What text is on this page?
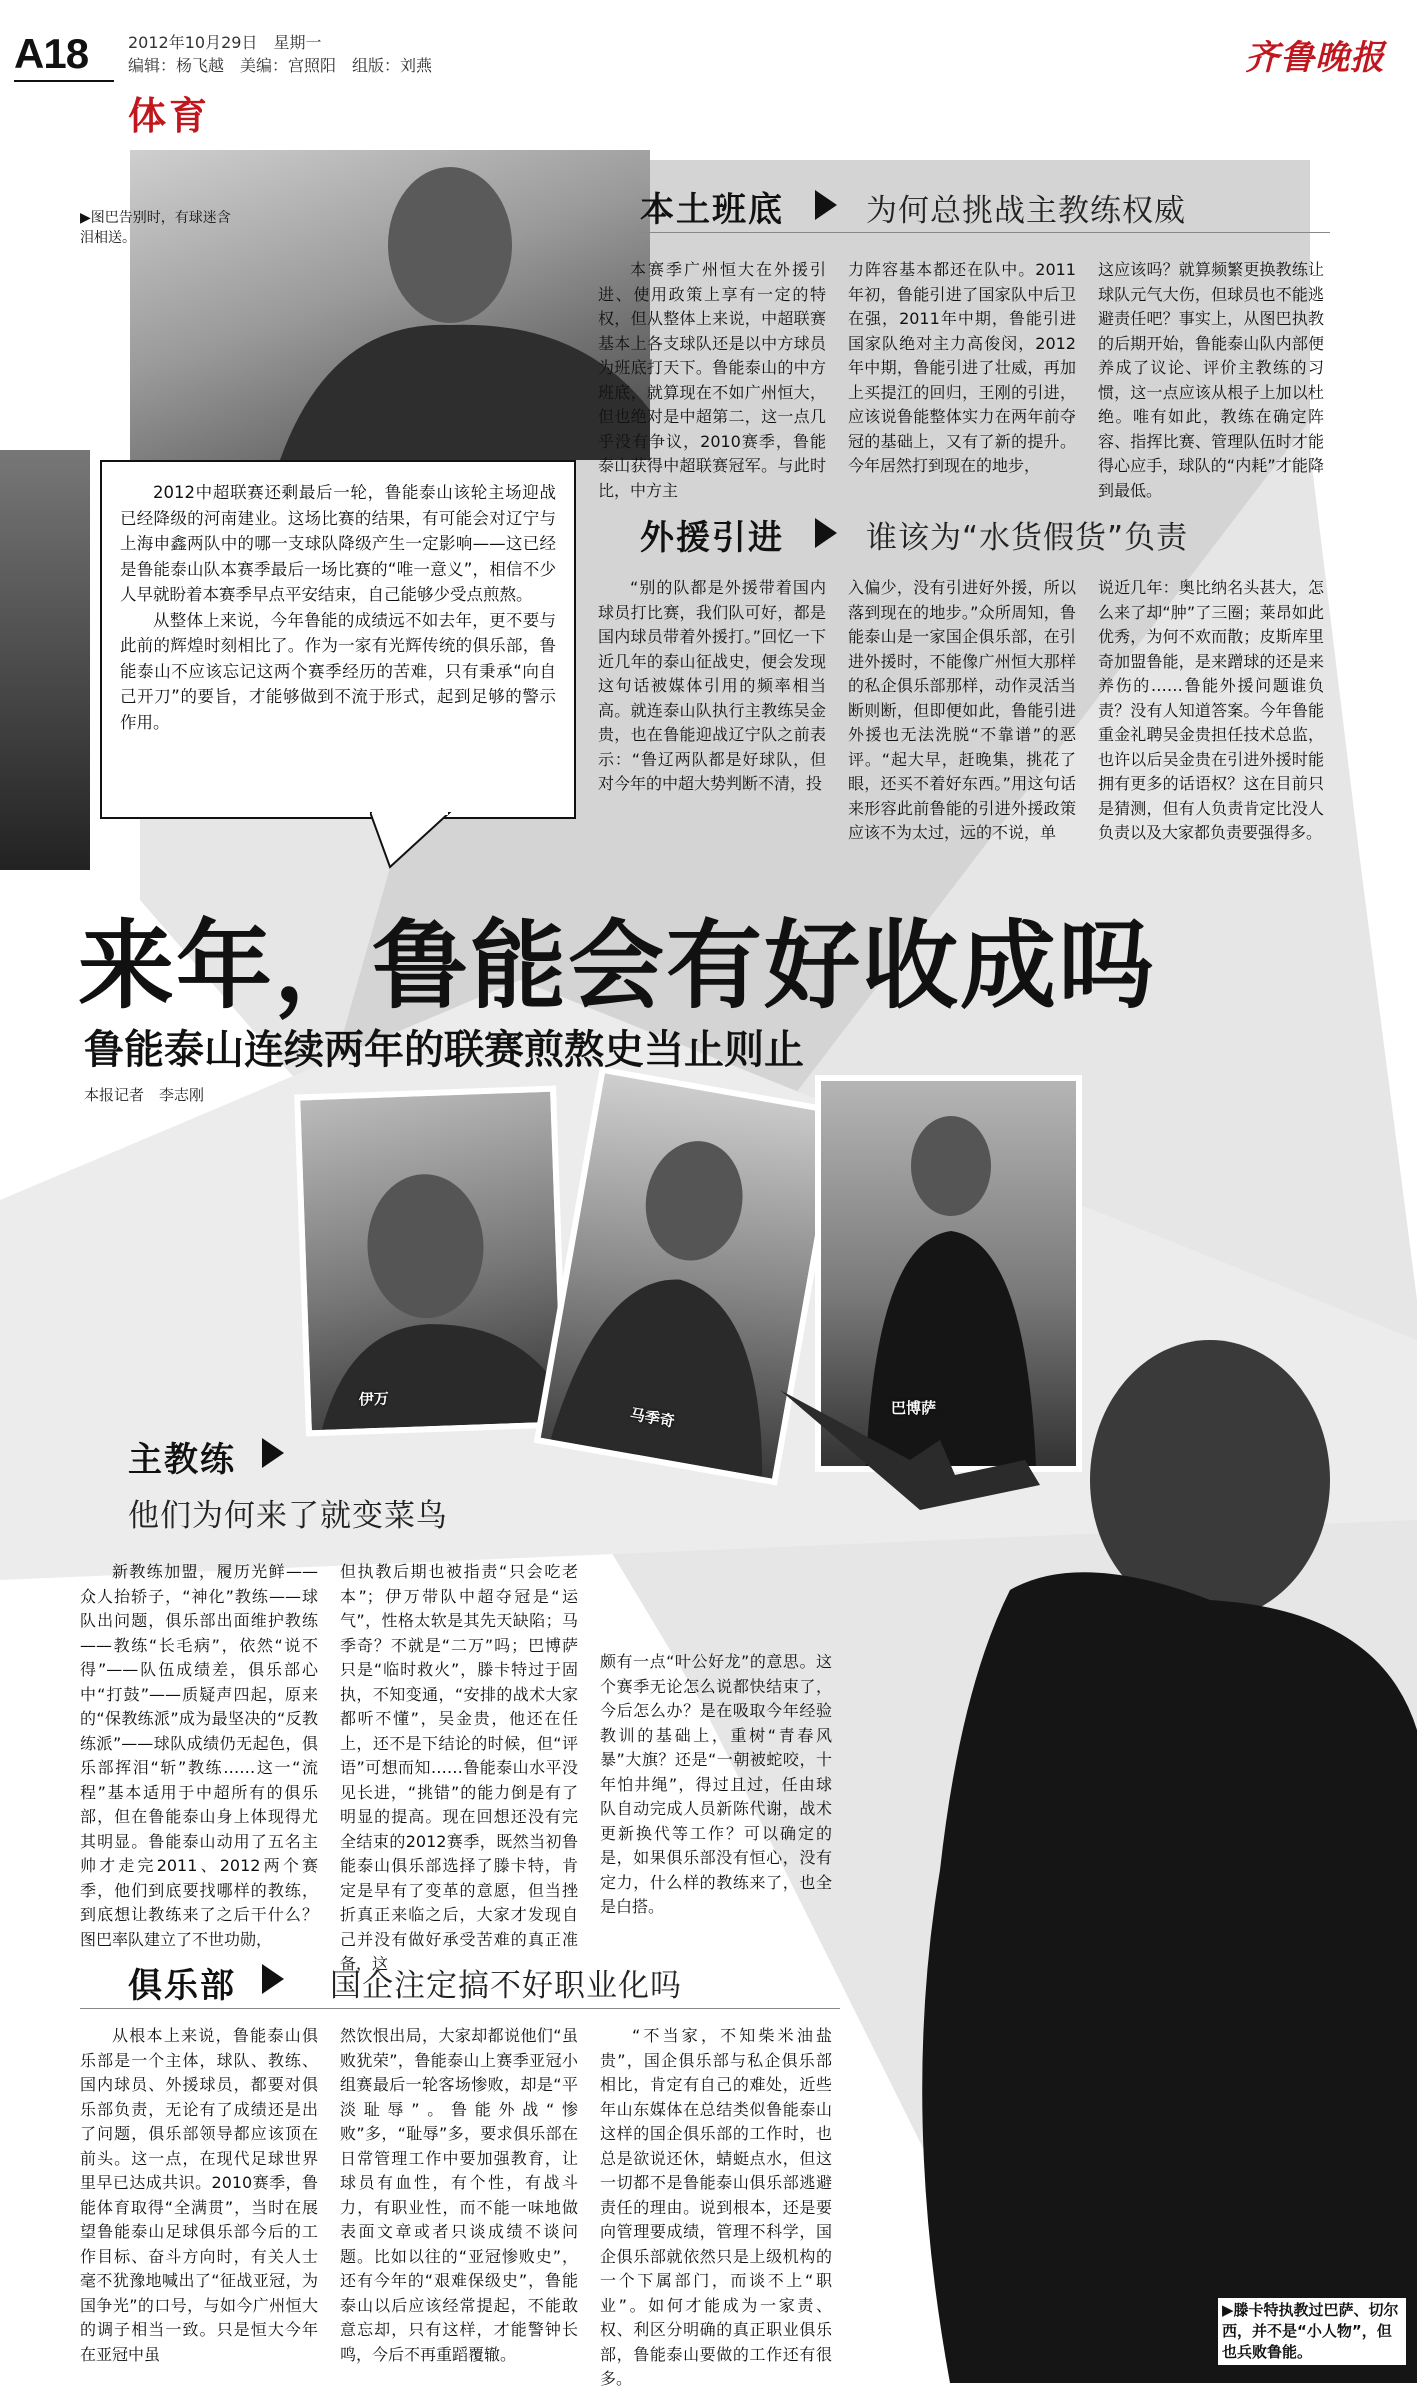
A18 2012年10月29日　星期一
编辑：杨飞越　美编：宫照阳　组版：刘燕
体育
齐鲁晚报
▶图巴告别时，有球迷含泪相送。

2012中超联赛还剩最后一轮，鲁能泰山该轮主场迎战已经降级的河南建业。这场比赛的结果，有可能会对辽宁与上海申鑫两队中的哪一支球队降级产生一定影响——这已经是鲁能泰山队本赛季最后一场比赛的“唯一意义”，相信不少人早就盼着本赛季早点平安结束，自己能够少受点煎熬。

从整体上来说，今年鲁能的成绩远不如去年，更不要与此前的辉煌时刻相比了。作为一家有光辉传统的俱乐部，鲁能泰山不应该忘记这两个赛季经历的苦难，只有秉承“向自己开刀”的要旨，才能够做到不流于形式，起到足够的警示作用。

本土班底	为何总挑战主教练权威
本赛季广州恒大在外援引进、使用政策上享有一定的特权，但从整体上来说，中超联赛基本上各支球队还是以中方球员为班底打天下。鲁能泰山的中方班底，就算现在不如广州恒大，但也绝对是中超第二，这一点几乎没有争议，2010赛季，鲁能泰山获得中超联赛冠军。与此时比，中方主
力阵容基本都还在队中。2011年初，鲁能引进了国家队中后卫在强，2011年中期，鲁能引进国家队绝对主力高俊闵，2012年中期，鲁能引进了壮威，再加上买提江的回归，王刚的引进，应该说鲁能整体实力在两年前夺冠的基础上，又有了新的提升。今年居然打到现在的地步，
这应该吗？就算频繁更换教练让球队元气大伤，但球员也不能逃避责任吧？事实上，从图巴执教的后期开始，鲁能泰山队内部便养成了议论、评价主教练的习惯，这一点应该从根子上加以杜绝。唯有如此，教练在确定阵容、指挥比赛、管理队伍时才能得心应手，球队的“内耗”才能降到最低。
外援引进	谁该为“水货假货”负责
“别的队都是外援带着国内球员打比赛，我们队可好，都是国内球员带着外援打。”回忆一下近几年的泰山征战史，便会发现这句话被媒体引用的频率相当高。就连泰山队执行主教练吴金贵，也在鲁能迎战辽宁队之前表示：“鲁辽两队都是好球队，但对今年的中超大势判断不清，投
入偏少，没有引进好外援，所以落到现在的地步。”众所周知，鲁能泰山是一家国企俱乐部，在引进外援时，不能像广州恒大那样的私企俱乐部那样，动作灵活当断则断，但即便如此，鲁能引进外援也无法洗脱“不靠谱”的恶评。“起大早，赶晚集，挑花了眼，还买不着好东西。”用这句话来形容此前鲁能的引进外援政策应该不为太过，远的不说，单
说近几年：奥比纳名头甚大，怎么来了却“肿”了三圈；莱昂如此优秀，为何不欢而散；皮斯库里奇加盟鲁能，是来蹭球的还是来养伤的……鲁能外援问题谁负责？没有人知道答案。今年鲁能重金礼聘吴金贵担任技术总监，也许以后吴金贵在引进外援时能拥有更多的话语权？这在目前只是猜测，但有人负责肯定比没人负责以及大家都负责要强得多。
来年，鲁能会有好收成吗
鲁能泰山连续两年的联赛煎熬史当止则止
本报记者　李志刚
伊万
马季奇	巴博萨
▶滕卡特执教过巴萨、切尔西，并不是“小人物”，但也兵败鲁能。
主教练
他们为何来了就变菜鸟
新教练加盟，履历光鲜——众人抬轿子，“神化”教练——球队出问题，俱乐部出面维护教练——教练“长毛病”，依然“说不得”——队伍成绩差，俱乐部心中“打鼓”——质疑声四起，原来的“保教练派”成为最坚决的“反教练派”——球队成绩仍无起色，俱乐部挥泪“斩”教练……这一“流程”基本适用于中超所有的俱乐部，但在鲁能泰山身上体现得尤其明显。鲁能泰山动用了五名主帅才走完2011、2012两个赛季，他们到底要找哪样的教练，到底想让教练来了之后干什么？图巴率队建立了不世功勋，
但执教后期也被指责“只会吃老本”；伊万带队中超夺冠是“运气”，性格太软是其先天缺陷；马季奇？不就是“二万”吗；巴博萨只是“临时救火”，滕卡特过于固执，不知变通，“安排的战术大家都听不懂”，吴金贵，他还在任上，还不是下结论的时候，但“评语”可想而知……鲁能泰山水平没见长进，“挑错”的能力倒是有了明显的提高。现在回想还没有完全结束的2012赛季，既然当初鲁能泰山俱乐部选择了滕卡特，肯定是早有了变革的意愿，但当挫折真正来临之后，大家才发现自己并没有做好承受苦难的真正准备，这
颇有一点“叶公好龙”的意思。这个赛季无论怎么说都快结束了，今后怎么办？是在吸取今年经验教训的基础上，重树“青春风暴”大旗？还是“一朝被蛇咬，十年怕井绳”，得过且过，任由球队自动完成人员新陈代谢，战术更新换代等工作？可以确定的是，如果俱乐部没有恒心，没有定力，什么样的教练来了，也全是白搭。
俱乐部	国企注定搞不好职业化吗
从根本上来说，鲁能泰山俱乐部是一个主体，球队、教练、国内球员、外援球员，都要对俱乐部负责，无论有了成绩还是出了问题，俱乐部领导都应该顶在前头。这一点，在现代足球世界里早已达成共识。2010赛季，鲁能体育取得“全满贯”，当时在展望鲁能泰山足球俱乐部今后的工作目标、奋斗方向时，有关人士毫不犹豫地喊出了“征战亚冠，为国争光”的口号，与如今广州恒大的调子相当一致。只是恒大今年在亚冠中虽
然饮恨出局，大家却都说他们“虽败犹荣”，鲁能泰山上赛季亚冠小组赛最后一轮客场惨败，却是“平淡耻辱”。鲁能外战“惨败”多，“耻辱”多，要求俱乐部在日常管理工作中要加强教育，让球员有血性，有个性，有战斗力，有职业性，而不能一味地做表面文章或者只谈成绩不谈问题。比如以往的“亚冠惨败史”，还有今年的“艰难保级史”，鲁能泰山以后应该经常提起，不能敢意忘却，只有这样，才能警钟长鸣，今后不再重蹈覆辙。
“不当家，不知柴米油盐贵”，国企俱乐部与私企俱乐部相比，肯定有自己的难处，近些年山东媒体在总结类似鲁能泰山这样的国企俱乐部的工作时，也总是欲说还休，蜻蜓点水，但这一切都不是鲁能泰山俱乐部逃避责任的理由。说到根本，还是要向管理要成绩，管理不科学，国企俱乐部就依然只是上级机构的一个下属部门，而谈不上“职业”。如何才能成为一家责、权、利区分明确的真正职业俱乐部，鲁能泰山要做的工作还有很多。
